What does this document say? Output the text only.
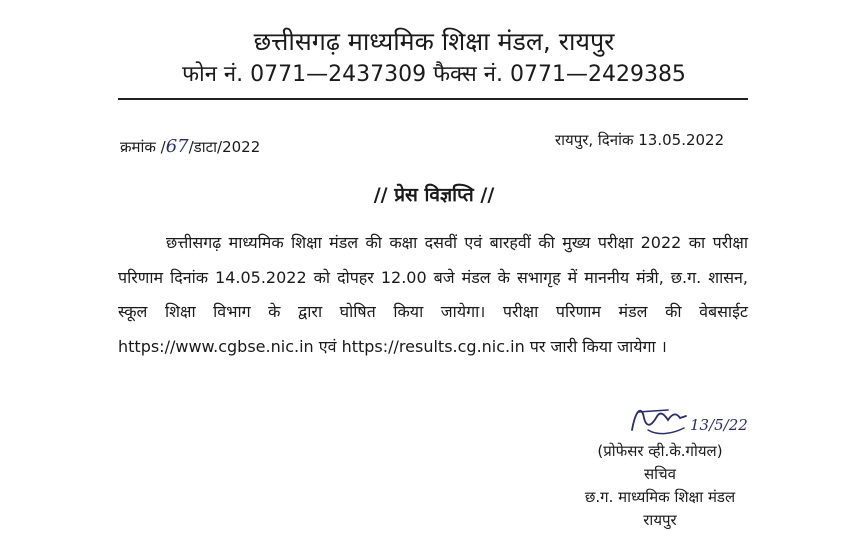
छत्तीसगढ़ माध्यमिक शिक्षा मंडल, रायपुर
फोन नं. 0771—2437309 फैक्स नं. 0771—2429385
क्रमांक /67/डाटा/2022	रायपुर, दिनांक 13.05.2022
// प्रेस विज्ञप्ति //
छत्तीसगढ़ माध्यमिक शिक्षा मंडल की कक्षा दसवीं एवं बारहवीं की मुख्य परीक्षा 2022 का परीक्षा परिणाम दिनांक 14.05.2022 को दोपहर 12.00 बजे मंडल के सभागृह में माननीय मंत्री, छ.ग. शासन, स्कूल शिक्षा विभाग के द्वारा घोषित किया जायेगा। परीक्षा परिणाम मंडल की वेबसाईट https://www.cgbse.nic.in एवं https://results.cg.nic.in पर जारी किया जायेगा ।
13/5/22
(प्रोफेसर व्ही.के.गोयल)
सचिव
छ.ग. माध्यमिक शिक्षा मंडल
रायपुर
